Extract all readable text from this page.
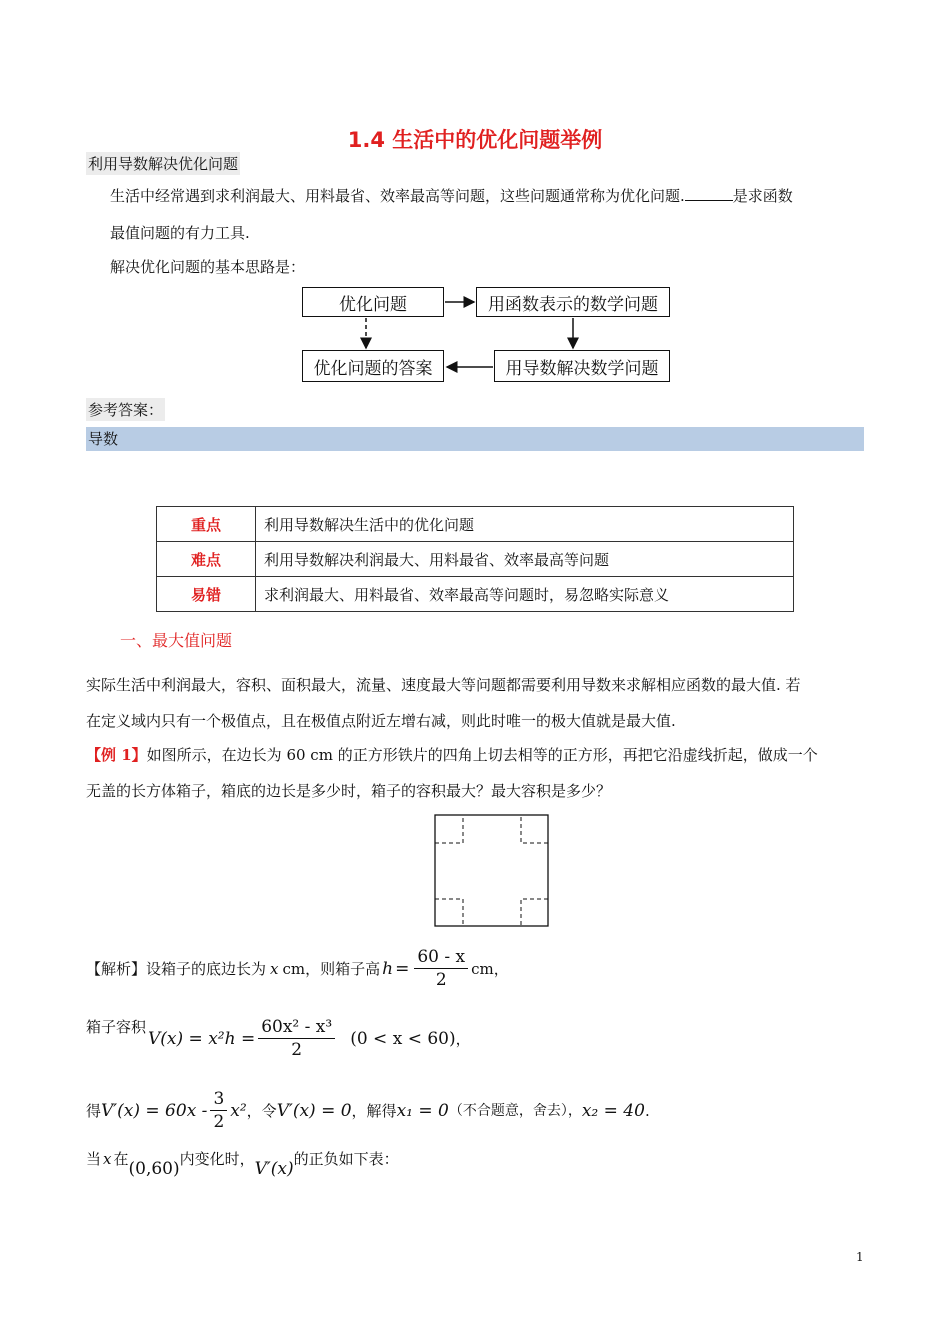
1.4 生活中的优化问题举例
利用导数解决优化问题
生活中经常遇到求利润最大、用料最省、效率最高等问题，这些问题通常称为优化问题.	是求函数
最值问题的有力工具.
解决优化问题的基本思路是：
优化问题	用函数表示的数学问题
用导数解决数学问题
优化问题的答案
参考答案：
导数
重点	利用导数解决生活中的优化问题
难点	利用导数解决利润最大、用料最省、效率最高等问题
易错	求利润最大、用料最省、效率最高等问题时，易忽略实际意义
一、最大值问题
实际生活中利润最大，容积、面积最大，流量、速度最大等问题都需要利用导数来求解相应函数的最大值. 若
在定义域内只有一个极值点，且在极值点附近左增右减，则此时唯一的极大值就是最大值.
【例 1】如图所示，在边长为 60 cm 的正方形铁片的四角上切去相等的正方形，再把它沿虚线折起，做成一个
无盖的长方体箱子，箱底的边长是多少时，箱子的容积最大？最大容积是多少？
【解析】 设箱子的底边长为 x cm，则箱子高 $h = \frac{60 - x}{2}$ cm，
箱子容积
$V(x) = x^2h = \frac{\text{60x² - x³}}{2} (0 < x < 60)$ ，
得 $V'(x) = 60x - \frac{3}{2} x^2$ ，令 V′(x) = 0 ，解得 x₁ = 0 （不合题意，舍去）， x₂ = 40 .
当 x 在 (0,60) 内变化时， V′(x) 的正负如下表：
1
